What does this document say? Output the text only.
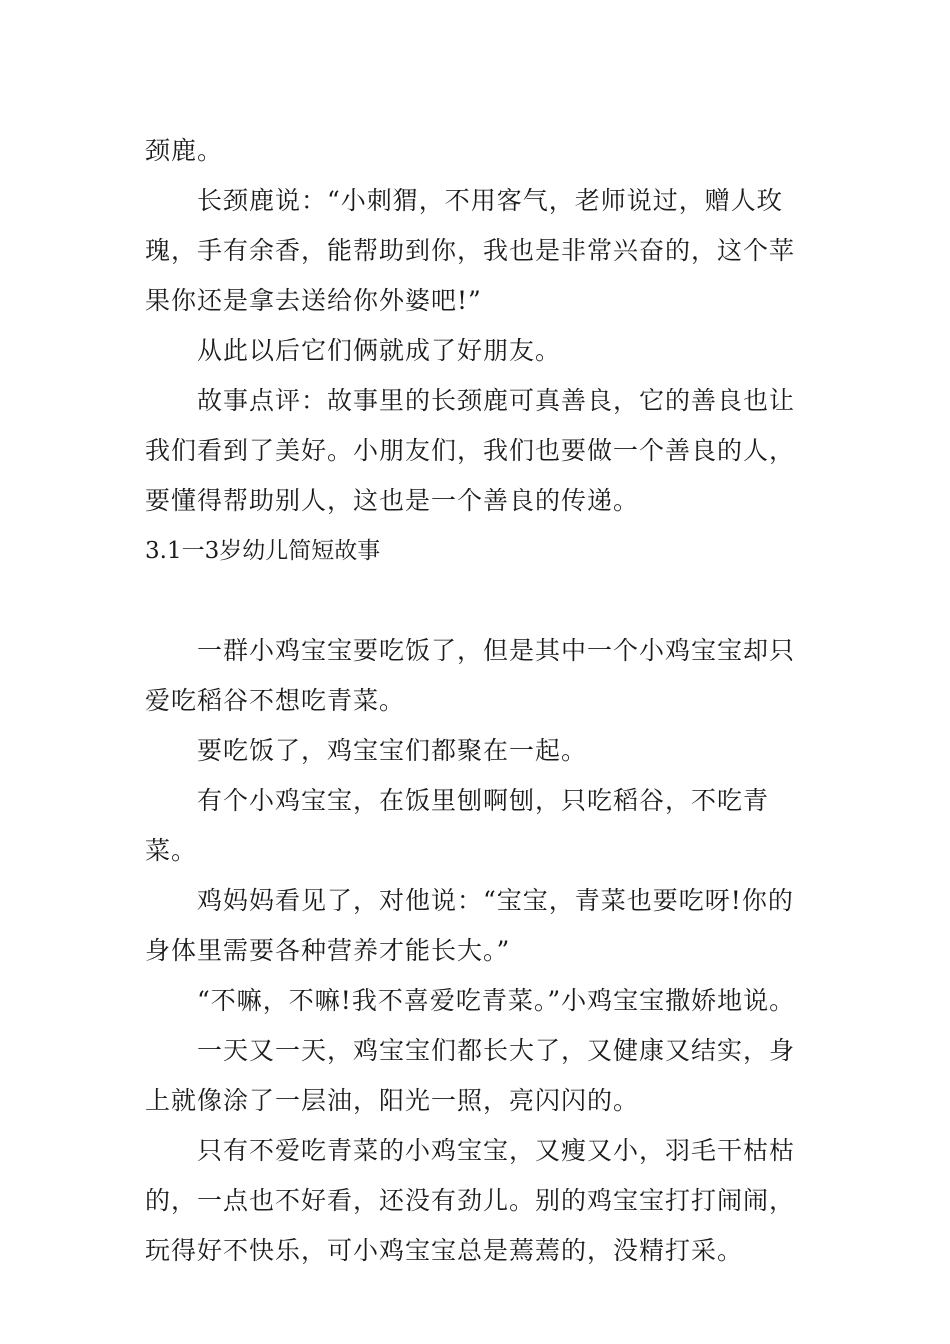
颈鹿。

长颈鹿说：“小刺猬，不用客气，老师说过，赠人玫瑰，手有余香，能帮助到你，我也是非常兴奋的，这个苹果你还是拿去送给你外婆吧!”

从此以后它们俩就成了好朋友。

故事点评：故事里的长颈鹿可真善良，它的善良也让我们看到了美好。小朋友们，我们也要做一个善良的人，要懂得帮助别人，这也是一个善良的传递。

3.1一3岁幼儿简短故事

一群小鸡宝宝要吃饭了，但是其中一个小鸡宝宝却只爱吃稻谷不想吃青菜。

要吃饭了，鸡宝宝们都聚在一起。

有个小鸡宝宝，在饭里刨啊刨，只吃稻谷，不吃青菜。

鸡妈妈看见了，对他说：“宝宝，青菜也要吃呀!你的身体里需要各种营养才能长大。”

“不嘛，不嘛!我不喜爱吃青菜。”小鸡宝宝撒娇地说。

一天又一天，鸡宝宝们都长大了，又健康又结实，身上就像涂了一层油，阳光一照，亮闪闪的。

只有不爱吃青菜的小鸡宝宝，又瘦又小，羽毛干枯枯的，一点也不好看，还没有劲儿。别的鸡宝宝打打闹闹，玩得好不快乐，可小鸡宝宝总是蔫蔫的，没精打采。
